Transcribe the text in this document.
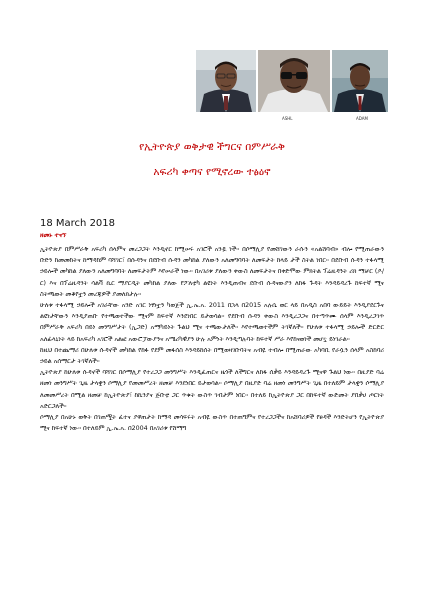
ASHL	ADAM
የኢትዮጵያ ወቅታዊ ችግርና በምሥራቅ
አፍሪካ ቀጣና የሚኖረው ተፅዕኖ
18 March 2018
ዘመኑ ተናኘ

ኢትዮጵያ በምሥራቅ አፍሪካ ሰላምና መረጋጋት እንዲኖር ከሚሠሩ አገሮች አንዷ ነች፡፡ በሶማሊያ የመሸገውን ራሱን «አልሸባብ» ብሎ የሚጠራውን ቡድን ከመመከትና ከማዳከም ባሻገር፣ በሱዳንና በደቡብ ሱዳን መካከል ያለውን አለመግባባት ለመፍታት ከላይ ታች ስትል ነበር፡፡ በደቡብ ሱዳን ተፋላሚ ኃይሎች መካከል ያለውን አለመግባባት ለመፍታትም እየሠራች ነው፡፡ በአገሪቱ ያለውን ቀውስ ለመፍታትና በቀድሞው ምክትል ፕሬዚዳንት ሪክ ማቻር (ዶ/ር) እና በፕሬዚዳንት ሳልቫ ኪር ማያርዲት መካከል ያለው የፖለቲካ ልዩነት እንዲጠብና ደቡብ ሱዳናውያን ለከፋ ጉዳት እንዳይዳረጉ ከፍተኛ ሚና ስትጫወት መቆየቷን መረጃዎች ያመለክታሉ፡፡

ሁለቱ ተፋላሚ ኃይሎች አገራቸው አንድ አገር ነፃነቷን ካወጀች ኢ.ኤ.አ. 2011 በኋላ በ2015 አሉሴ ወር ላይ በአዲስ አበባ ውይይት እንዲያደርጉና ልዩነታቸውን እንዲያጠቡ የተጫወተችው ሚናም ከፍተኛ እንደነበር ይታወሳል፡፡ የደቡብ ሱዳን ቀውስ እንዲረጋጋና በተጣጥሙ ሰላም እንዲረጋገጥ በምሥራቅ አፍሪካ በይነ መንግሥታት (ኢጋድ) አማካይነት ጉልህ ሚና ተጫውታለች፡፡ እየተጫወተችም ትገኛለች፡፡ የሁለቱ ተፋላሚ ኃይሎች ድርድር አለፊላኒነት ላይ ከአፍሪካ አገሮች አልፎ አውሮፓውያንና አሜሪካዊያን ሁሉ አምነት እንዲጣሉባት ከፍተኛ ሥራ እየከናወነች መሆኗ ይነገራል፡፡

ከዚህ በተጨማሪ በሁለቱ ሱዳኖች መካከል የከፋ የደም መፋሰስ እንዳይከሰት በሚወዛገቡባትና አብዬ ተብሎ በሚጠራው አካባቢ የራሷን ሰላም አስከባሪ ኃይል አሰማርታ ትገኛለች፡፡

ኢትዮጵያ ከሁለቱ ሱዳኖች ባሻገር በሶማሊያ የተረጋጋ መንግሥት እንዲፈጠርና ዜጎች ለችግርና ለከፋ ሰቃይ እንዳይዳረጉ ሚናዋ ጉልህ ነው፡፡ በዚያድ ባሬ ዘመነ መንግሥት ጊዜ ታላቋን ሶማሊያ የመመሥረት ዘመቻ እንደነበር ይታወሳል፡፡ ሶማሊያ በዚያድ ባሬ ዘመነ መንግሥት ጊዜ በተለይም ታላቋን ሶማሊያ ለመመሥረት በሚል ዘመቻ ከኢትዮጵያ፣ ከኬንያና ጅቡቲ ጋር ጥቁት ውስጥ ገብታም ነበር፡፡ በተለይ ከኢትዮጵያ ጋር በከፍተኛ ውድመት ያበቃሀ ጦርነት አድርጋለች፡፡

ሶማሊያ በአሁኑ ወቅት በገጠሟት ፈተና ያዋጠታት ከማዳ መሳፍሩት አብዬ ውስጥ በተጠግምና የተረጋጋችና ከአሸባሪዎች የፀዳች እንድትሆን የኢትዮጵያ ሚና ከፍተኛ ነው፡፡ በተለይም ኢ.ኤ.አ. በ2004 በአገሪቱ የሸማግ
